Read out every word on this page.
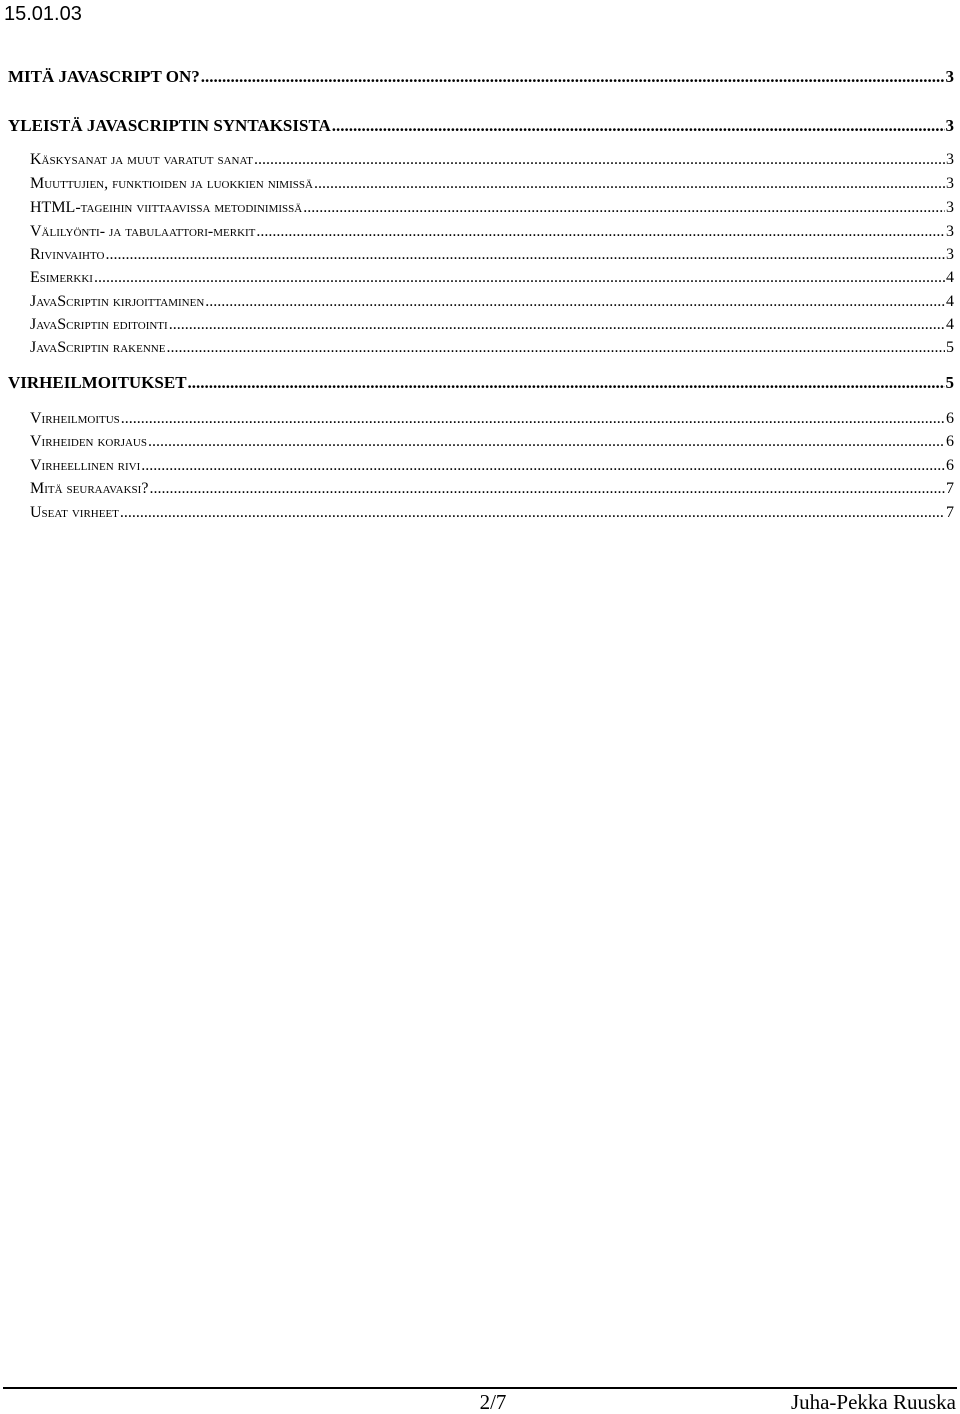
15.01.03
MITÄ JAVASCRIPT ON? .....	3
YLEISTÄ JAVASCRIPTIN SYNTAKSISTA .....	3
Käskysanat ja muut varatut sanat .....	3
Muuttujien, funktioiden ja luokkien nimissä .....	3
HTML-tageihin viittaavissa metodinimissä .....	3
Välilyönti- ja tabulaattori-merkit .....	3
Rivinvaihto .....	3
Esimerkki .....	4
JavaScriptin kirjoittaminen .....	4
JavaScriptin editointi .....	4
JavaScriptin rakenne .....	5
VIRHEILMOITUKSET .....	5
Virheilmoitus .....	6
Virheiden korjaus .....	6
Virheellinen rivi .....	6
Mitä seuraavaksi? .....	7
Useat virheet .....	7
2/7	Juha-Pekka Ruuska
